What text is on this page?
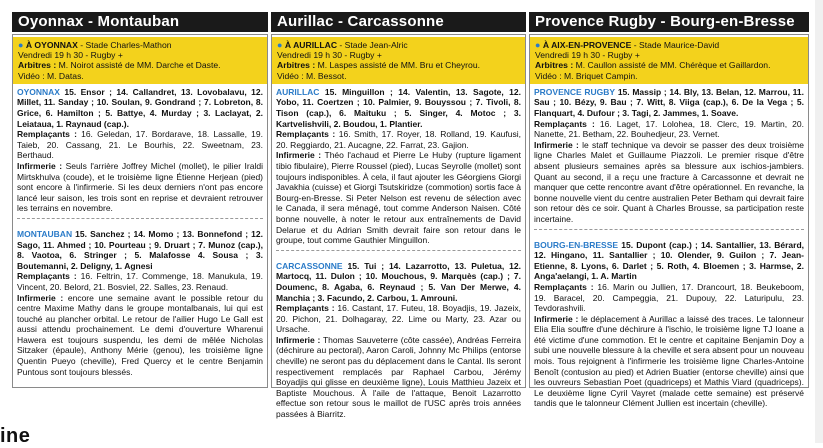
Oyonnax - Montauban
● À OYONNAX - Stade Charles-Mathon
Vendredi 19 h 30 - Rugby +
Arbitres : M. Noirot assisté de MM. Darche et Daste.
Vidéo : M. Datas.
OYONNAX 15. Ensor ; 14. Callandret, 13. Lovobalavu, 12. Millet, 11. Sanday ; 10. Soulan, 9. Gondrand ; 7. Lobreton, 8. Grice, 6. Hamilton ; 5. Battye, 4. Murday ; 3. Laclayat, 2. Leiataua, 1. Raynaud (cap.).
Remplaçants : 16. Geledan, 17. Bordarave, 18. Lassalle, 19. Taieb, 20. Cassang, 21. Le Bourhis, 22. Sweetnam, 23. Berthaud.
Infirmerie : Seuls l'arrière Joffrey Michel (mollet), le pilier Iraldi Mirtskhulva (coude), et le troisième ligne Étienne Herjean (pied) sont encore à l'infirmerie. Si les deux derniers n'ont pas encore lancé leur saison, les trois sont en reprise et devraient retrouver les terrains en novembre.
MONTAUBAN 15. Sanchez ; 14. Momo ; 13. Bonnefond ; 12. Sago, 11. Ahmed ; 10. Pourteau ; 9. Druart ; 7. Munoz (cap.), 8. Vaotoa, 6. Stringer ; 5. Malafosse 4. Sousa ; 3. Boutemanni, 2. Deligny, 1. Agnesi
Remplaçants : 16. Feltrin, 17. Commenge, 18. Manukula, 19. Vincent, 20. Belord, 21. Bosviel, 22. Salles, 23. Renaud.
Infirmerie : encore une semaine avant le possible retour du centre Maxime Mathy dans le groupe montalbanais, lui qui est touché au plancher orbital. Le retour de l'ailier Hugo Le Gall est aussi attendu prochainement. Le demi d'ouverture Wharenui Hawera est toujours suspendu, les demi de mêlée Nicholas Sitzaker (épaule), Anthony Mérie (genou), les troisième ligne Quentin Pueyo (cheville), Fred Quercy et le centre Benjamin Puntous sont toujours blessés.
Aurillac - Carcassonne
● À AURILLAC - Stade Jean-Alric
Vendredi 19 h 30 - Rugby +
Arbitres : M. Laspes assisté de MM. Bru et Cheyrou.
Vidéo : M. Bessot.
AURILLAC 15. Minguillon ; 14. Valentin, 13. Sagote, 12. Yobo, 11. Coertzen ; 10. Palmier, 9. Bouyssou ; 7. Tivoli, 8. Tison (cap.), 6. Maituku ; 5. Singer, 4. Motoc ; 3. Kartvelishvili, 2. Boudou, 1. Plantier.
Remplaçants : 16. Smith, 17. Royer, 18. Rolland, 19. Kaufusi, 20. Reggiardo, 21. Aucagne, 22. Farrat, 23. Gajion.
Infirmerie : Théo l'achaud et Pierre Le Huby (rupture ligament tibio fibulaire), Pierre Roussel (pied), Lucas Seyrolle (mollet) sont toujours indisponibles. À cela, il faut ajouter les Géorgiens Giorgi Javakhia (cuisse) et Giorgi Tsutskiridze (commotion) sortis face à Bourg-en-Bresse. Si Peter Nelson est revenu de sélection avec le Canada, il sera ménagé, tout comme Anderson Naisen. Côté bonne nouvelle, à noter le retour aux entraînements de David Delarue et du Adrian Smith devrait faire son retour dans le groupe, tout comme Gauthier Minguillon.
CARCASSONNE 15. Tui ; 14. Lazarrotto, 13. Puletua, 12. Martocq, 11. Dulon ; 10. Mouchous, 9. Marquès (cap.) ; 7. Doumenc, 8. Agaba, 6. Reynaud ; 5. Van Der Merwe, 4. Manchia ; 3. Facundo, 2. Carbou, 1. Amrouni.
Remplaçants : 16. Castant, 17. Futeu, 18. Boyadjis, 19. Jazeix, 20. Pichon, 21. Dolhagaray, 22. Lime ou Marty, 23. Azar ou Ursache.
Infirmerie : Thomas Sauveterre (côte cassée), Andréas Ferreira (déchirure au pectoral), Aaron Caroli, Johnny Mc Philips (entorse cheville) ne seront pas du déplacement dans le Cantal. Ils seront respectivement remplacés par Raphael Carbou, Jérémy Boyadjis qui glisse en deuxième ligne), Louis Matthieu Jazeix et Baptiste Mouchous. À l'aile de l'attaque, Benoit Lazarrotto effectue son retour sous le maillot de l'USC après trois années passées à Biarritz.
Provence Rugby - Bourg-en-Bresse
● À AIX-EN-PROVENCE - Stade Maurice-David
Vendredi 19 h 30 - Rugby +
Arbitres : M. Caullon assisté de MM. Chérèque et Gaillardon.
Vidéo : M. Briquet Campin.
PROVENCE RUGBY 15. Massip ; 14. Bly, 13. Belan, 12. Marrou, 11. Sau ; 10. Bézy, 9. Bau ; 7. Witt, 8. Viiga (cap.), 6. De la Vega ; 5. Flanquart, 4. Dufour ; 3. Tagi, 2. Jammes, 1. Soave.
Remplaçants : 16. Laget, 17. Lolohea, 18. Clerc, 19. Martin, 20. Nanette, 21. Betham, 22. Bouhedjeur, 23. Vernet.
Infirmerie : le staff technique va devoir se passer des deux troisième ligne Charles Malet et Guillaume Piazzoli. Le premier risque d'être absent plusieurs semaines après sa blessure aux ischios-jambiers. Quant au second, il a reçu une fracture à Carcassonne et devrait ne manquer que cette rencontre avant d'être opérationnel. En revanche, la bonne nouvelle vient du centre australien Peter Betham qui devrait faire son retour dès ce soir. Quant à Charles Brousse, sa participation reste incertaine.
BOURG-EN-BRESSE 15. Dupont (cap.) ; 14. Santallier, 13. Bérard, 12. Hingano, 11. Santallier ; 10. Olender, 9. Guilon ; 7. Jean-Etienne, 8. Lyons, 6. Darlet ; 5. Roth, 4. Bloemen ; 3. Harmse, 2. Anga'aelangi, 1. A. Martin
Remplaçants : 16. Marin ou Jullien, 17. Drancourt, 18. Beukeboom, 19. Baracel, 20. Campeggia, 21. Dupouy, 22. Laturipulu, 23. Tevdorashvili.
Infirmerie : le déplacement à Aurillac a laissé des traces. Le talonneur Elia Elia souffre d'une déchirure à l'ischio, le troisième ligne TJ Ioane a été victime d'une commotion. Et le centre et capitaine Benjamin Doy a subi une nouvelle blessure à la cheville et sera absent pour un nouveau mois. Tous rejoignent à l'infirmerie les troisième ligne Charles-Antoine Benoît (contusion au pied) et Adrien Buatier (entorse cheville) ainsi que les ouvreurs Sebastian Poet (quadriceps) et Mathis Viard (quadriceps). Le deuxième ligne Cyril Vayret (malade cette semaine) est préservé tandis que le talonneur Clément Jullien est incertain (cheville).
ine
